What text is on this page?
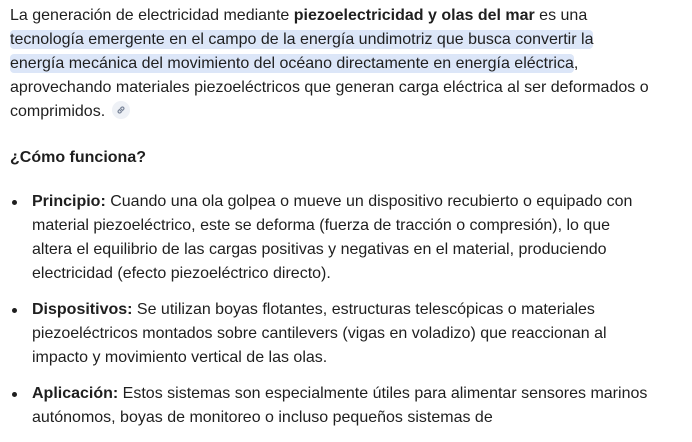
La generación de electricidad mediante piezoelectricidad y olas del mar es una tecnología emergente en el campo de la energía undimotriz que busca convertir la energía mecánica del movimiento del océano directamente en energía eléctrica, aprovechando materiales piezoeléctricos que generan carga eléctrica al ser deformados o comprimidos.

¿Cómo funciona?
Principio: Cuando una ola golpea o mueve un dispositivo recubierto o equipado con material piezoeléctrico, este se deforma (fuerza de tracción o compresión), lo que altera el equilibrio de las cargas positivas y negativas en el material, produciendo electricidad (efecto piezoeléctrico directo).
Dispositivos: Se utilizan boyas flotantes, estructuras telescópicas o materiales piezoeléctricos montados sobre cantilevers (vigas en voladizo) que reaccionan al impacto y movimiento vertical de las olas.
Aplicación: Estos sistemas son especialmente útiles para alimentar sensores marinos autónomos, boyas de monitoreo o incluso pequeños sistemas de
